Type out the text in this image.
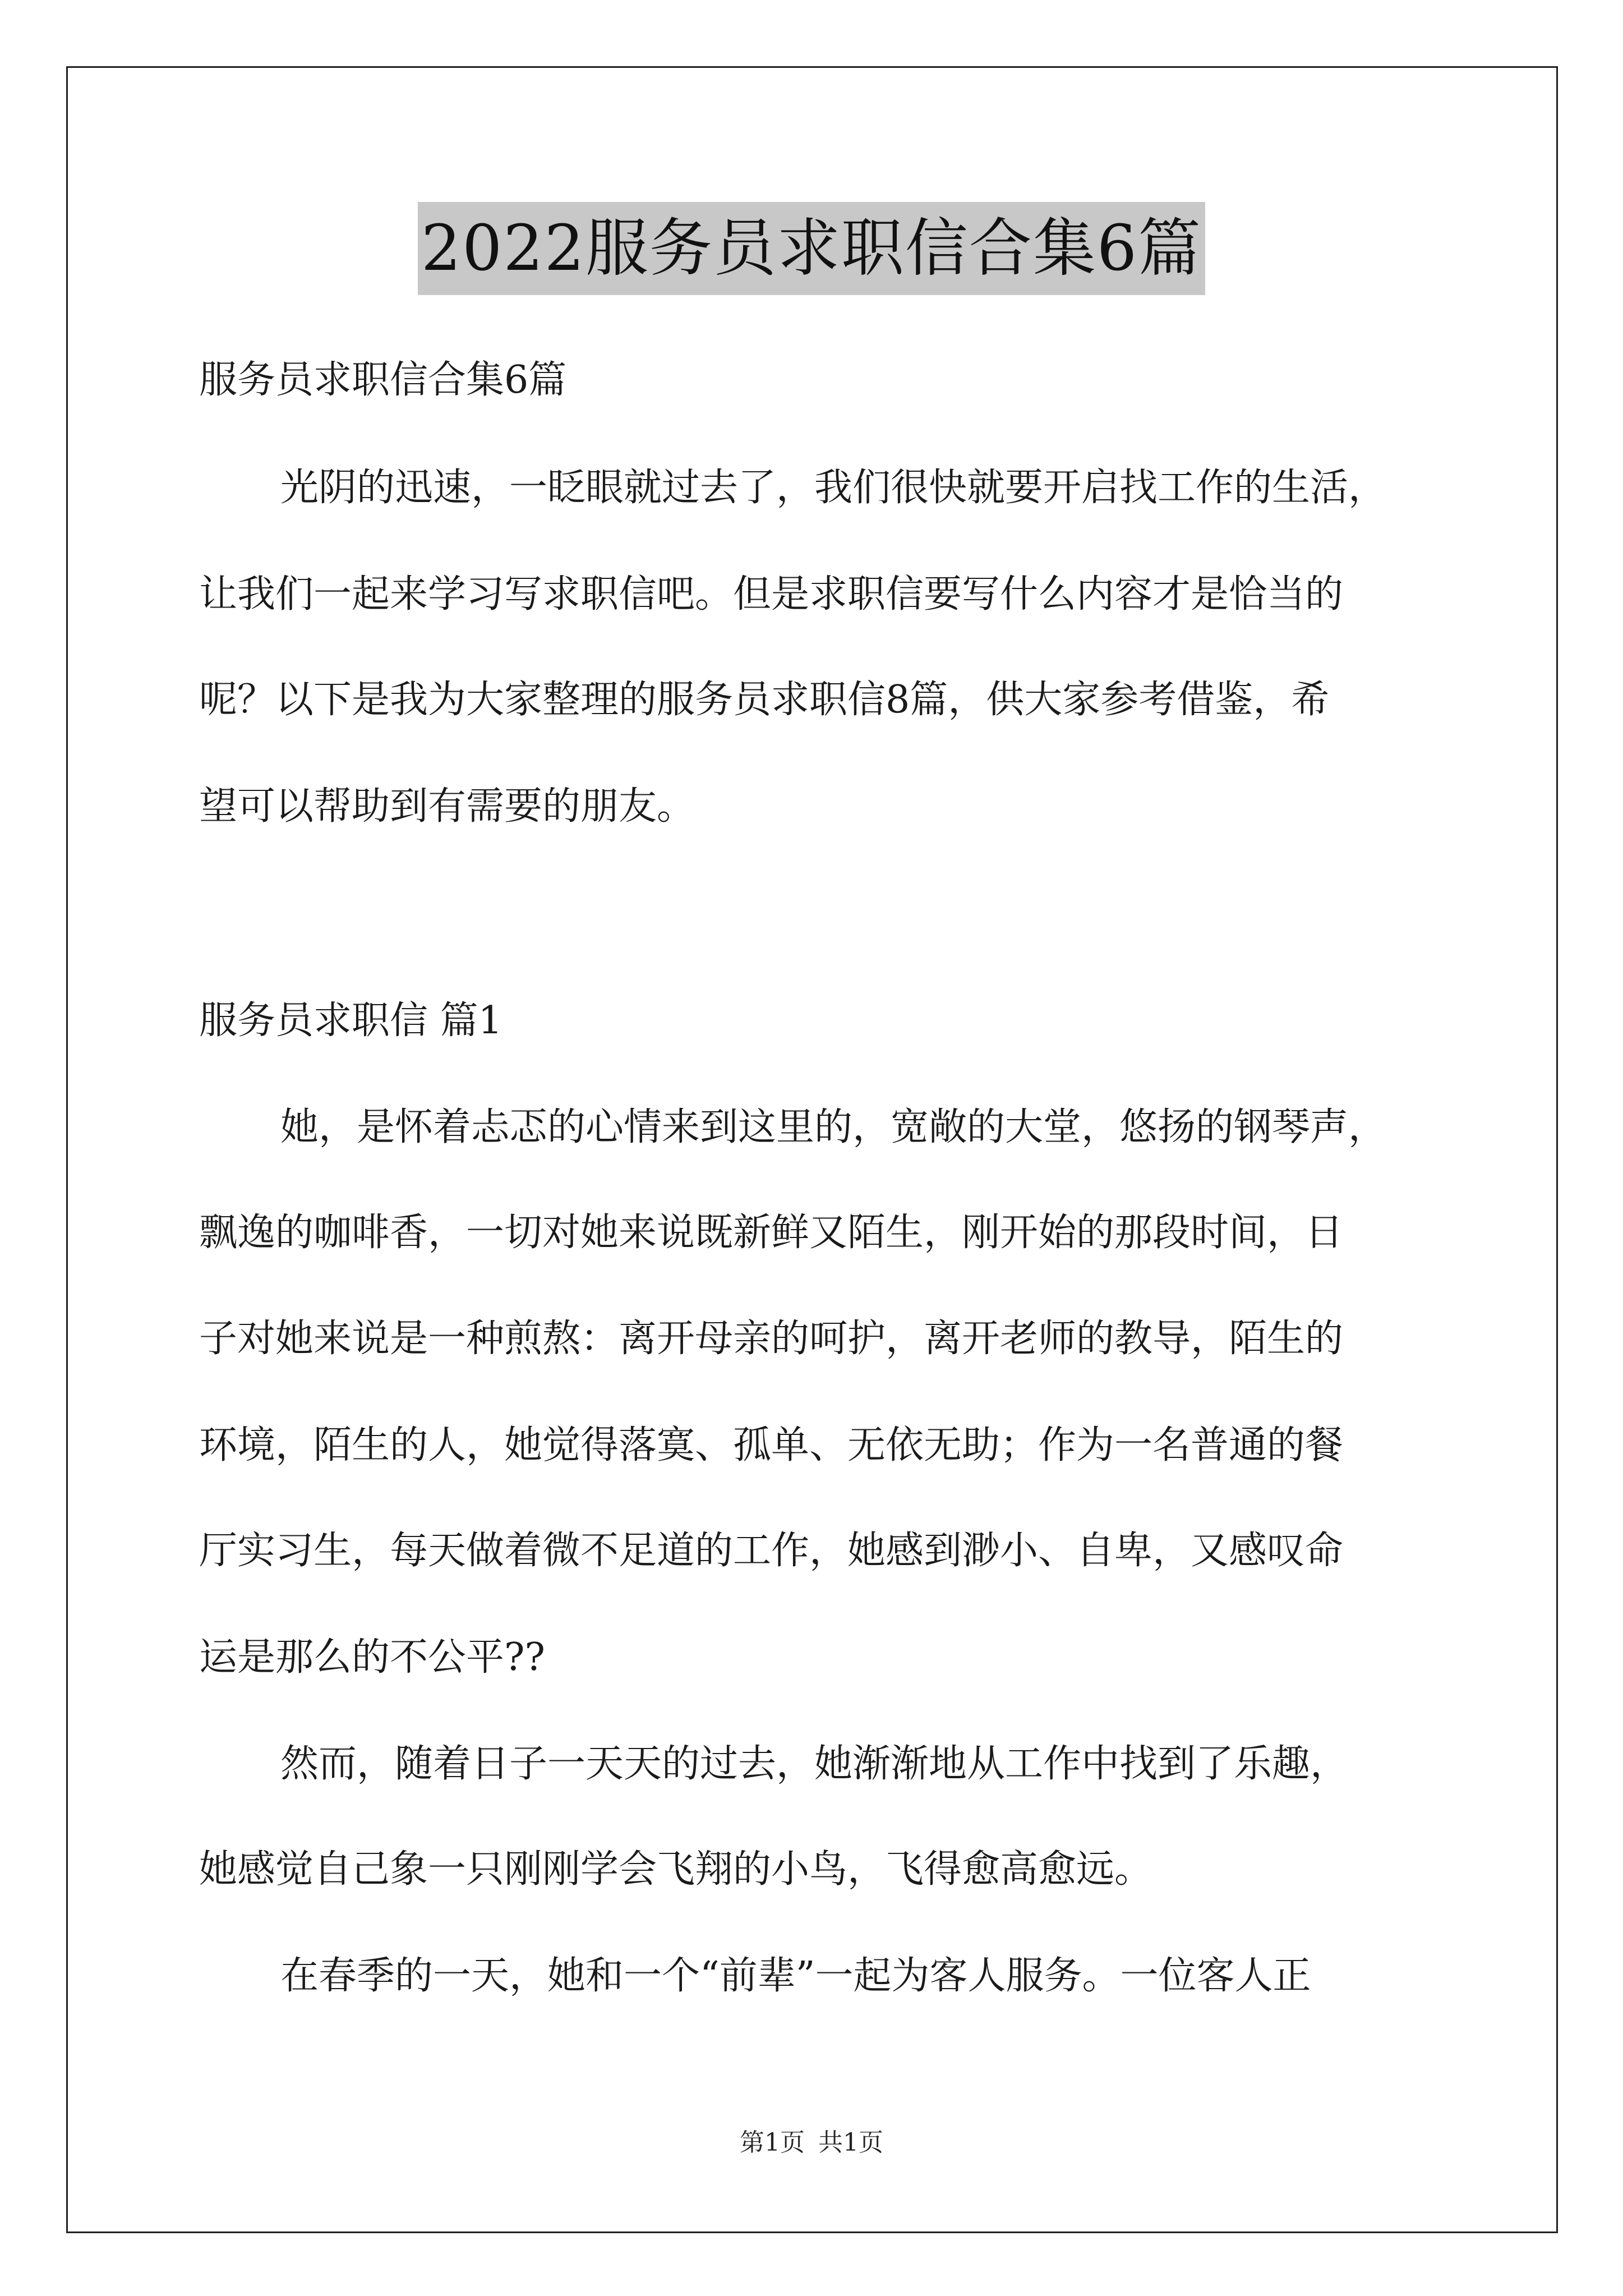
2022服务员求职信合集6篇
服务员求职信合集6篇
光阴的迅速，一眨眼就过去了，我们很快就要开启找工作的生活，
让我们一起来学习写求职信吧。但是求职信要写什么内容才是恰当的
呢？以下是我为大家整理的服务员求职信8篇，供大家参考借鉴，希
望可以帮助到有需要的朋友。
服务员求职信 篇1
她，是怀着忐忑的心情来到这里的，宽敞的大堂，悠扬的钢琴声，
飘逸的咖啡香，一切对她来说既新鲜又陌生，刚开始的那段时间，日
子对她来说是一种煎熬：离开母亲的呵护，离开老师的教导，陌生的
环境，陌生的人，她觉得落寞、孤单、无依无助；作为一名普通的餐
厅实习生，每天做着微不足道的工作，她感到渺小、自卑，又感叹命
运是那么的不公平??
然而，随着日子一天天的过去，她渐渐地从工作中找到了乐趣，
她感觉自己象一只刚刚学会飞翔的小鸟，飞得愈高愈远。
在春季的一天，她和一个“前辈”一起为客人服务。一位客人正
第1页 共1页
